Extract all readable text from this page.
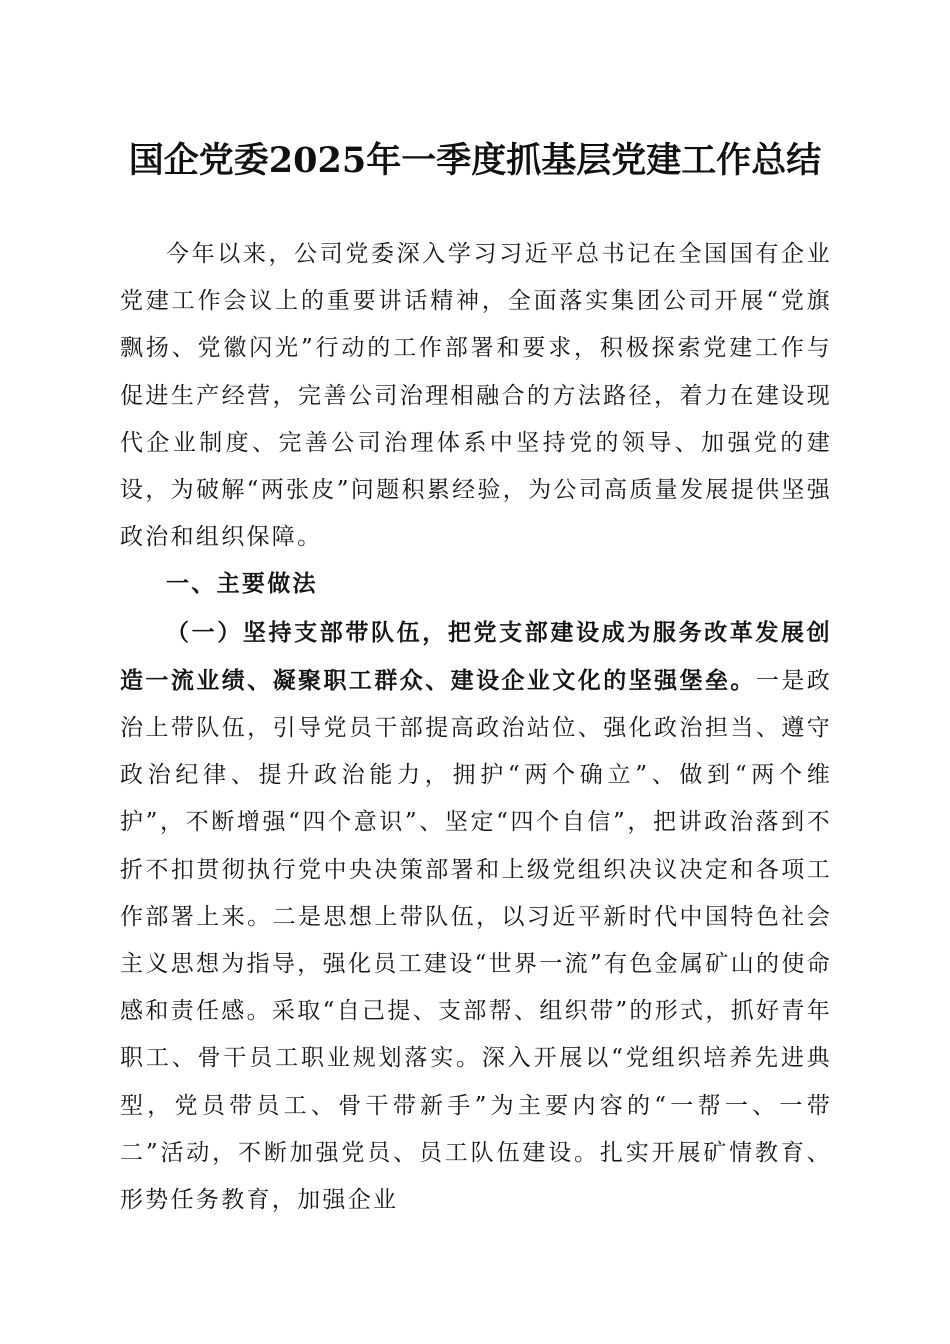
国企党委2025年一季度抓基层党建工作总结

今年以来，公司党委深入学习习近平总书记在全国国有企业党建工作会议上的重要讲话精神，全面落实集团公司开展“党旗飘扬、党徽闪光”行动的工作部署和要求，积极探索党建工作与促进生产经营，完善公司治理相融合的方法路径，着力在建设现代企业制度、完善公司治理体系中坚持党的领导、加强党的建设，为破解“两张皮”问题积累经验，为公司高质量发展提供坚强政治和组织保障。

一、主要做法

（一）坚持支部带队伍，把党支部建设成为服务改革发展创造一流业绩、凝聚职工群众、建设企业文化的坚强堡垒。一是政治上带队伍，引导党员干部提高政治站位、强化政治担当、遵守政治纪律、提升政治能力，拥护“两个确立”、做到“两个维护”，不断增强“四个意识”、坚定“四个自信”，把讲政治落到不折不扣贯彻执行党中央决策部署和上级党组织决议决定和各项工作部署上来。二是思想上带队伍，以习近平新时代中国特色社会主义思想为指导，强化员工建设“世界一流”有色金属矿山的使命感和责任感。采取“自己提、支部帮、组织带”的形式，抓好青年职工、骨干员工职业规划落实。深入开展以“党组织培养先进典型，党员带员工、骨干带新手”为主要内容的“一帮一、一带二”活动，不断加强党员、员工队伍建设。扎实开展矿情教育、形势任务教育，加强企业
